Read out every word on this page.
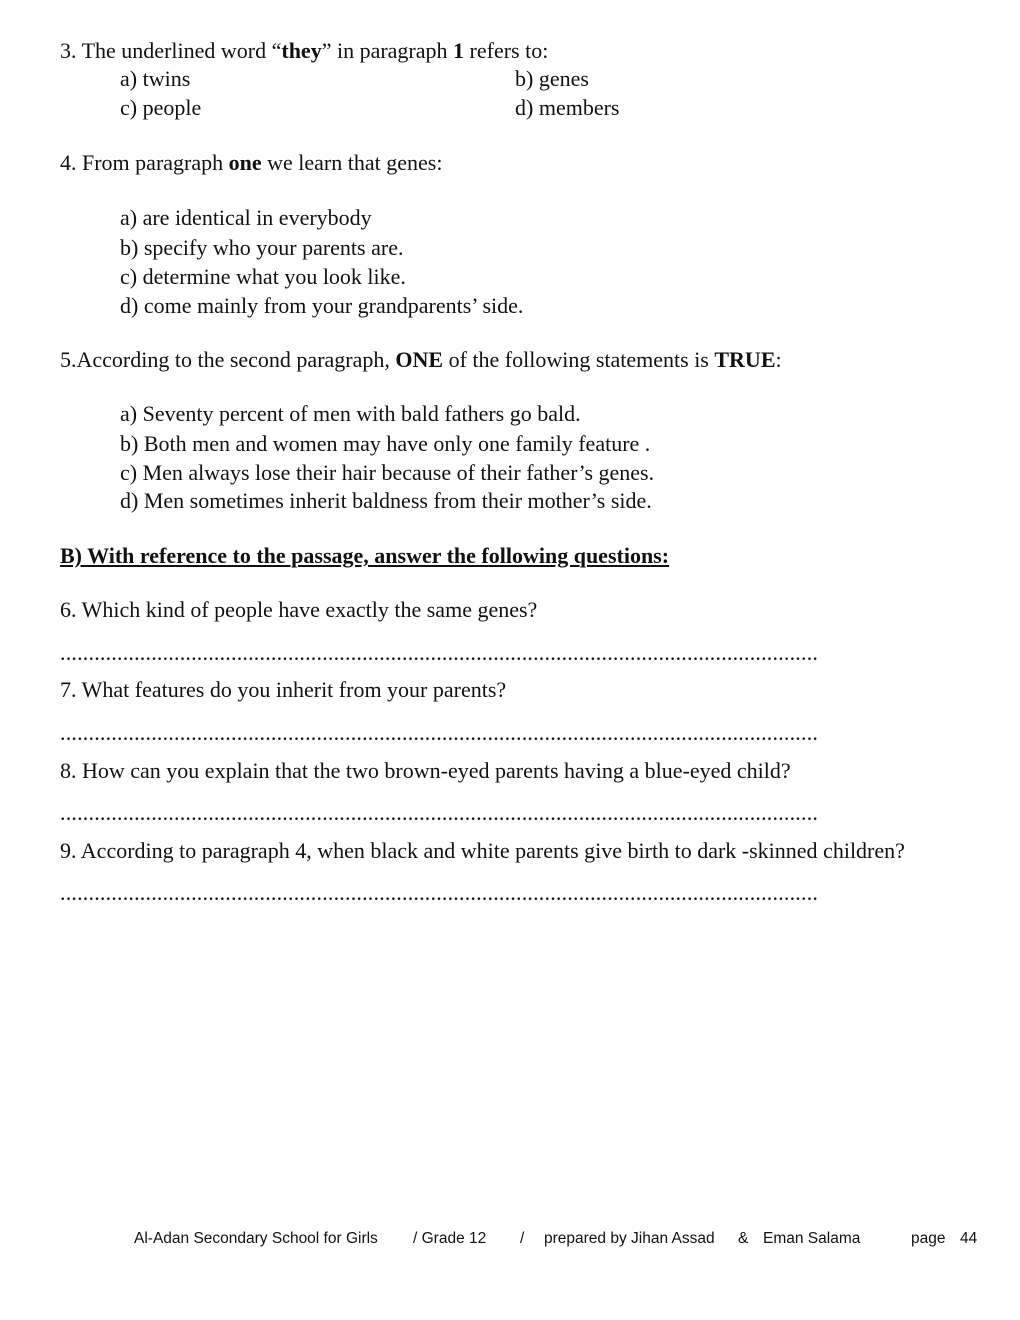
3. The underlined word “they” in paragraph 1 refers to:
a) twins	b) genes
c) people	d) members
4. From paragraph one we learn that genes:
a) are identical in everybody
b) specify who your parents are.
c) determine what you look like.
d) come mainly from your grandparents’ side.
5.According to the second paragraph, ONE of the following statements is TRUE:
a) Seventy percent of men with bald fathers go bald.
b) Both men and women may have only one family feature .
c) Men always lose their hair because of their father’s genes.
d) Men sometimes inherit baldness from their mother’s side.
B) With reference to the passage, answer the following questions:
6. Which kind of people have exactly the same genes?
.....................................................................................................................................
7. What features do you inherit from your parents?
.....................................................................................................................................
8. How can you explain that the two brown-eyed parents having a blue-eyed child?
.....................................................................................................................................
9. According to paragraph 4, when black and white parents give birth to dark -skinned children?
.....................................................................................................................................
Al-Adan Secondary School for Girls / Grade 12 / prepared by Jihan Assad & Eman Salama	page 44
